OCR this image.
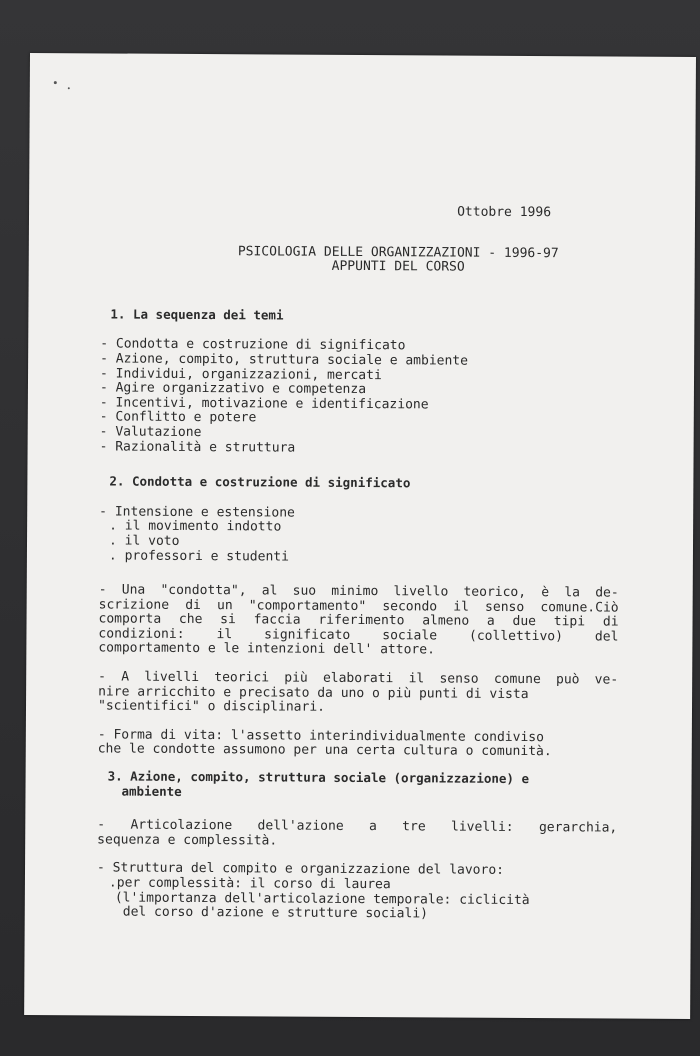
Ottobre 1996
PSICOLOGIA DELLE ORGANIZZAZIONI - 1996-97
APPUNTI DEL CORSO
1. La sequenza dei temi
- Condotta e costruzione di significato
- Azione, compito, struttura sociale e ambiente
- Individui, organizzazioni, mercati
- Agire organizzativo e competenza
- Incentivi, motivazione e identificazione
- Conflitto e potere
- Valutazione
- Razionalità e struttura
2. Condotta e costruzione di significato
- Intensione e estensione
. il movimento indotto
. il voto
. professori e studenti
- Una "condotta", al suo minimo livello teorico, è la de-
scrizione di un "comportamento" secondo il senso comune.Ciò
comporta che si faccia riferimento almeno a due tipi di
condizioni: il significato sociale (collettivo) del
comportamento e le intenzioni dell' attore.
- A livelli teorici più elaborati il senso comune può ve-
nire arricchito e precisato da uno o più punti di vista
"scientifici" o disciplinari.
- Forma di vita: l'assetto interindividualmente condiviso
che le condotte assumono per una certa cultura o comunità.
3. Azione, compito, struttura sociale (organizzazione) e
ambiente
- Articolazione dell'azione a tre livelli: gerarchia,
sequenza e complessità.
- Struttura del compito e organizzazione del lavoro:
.per complessità: il corso di laurea
(l'importanza dell'articolazione temporale: ciclicità
del corso d'azione e strutture sociali)
